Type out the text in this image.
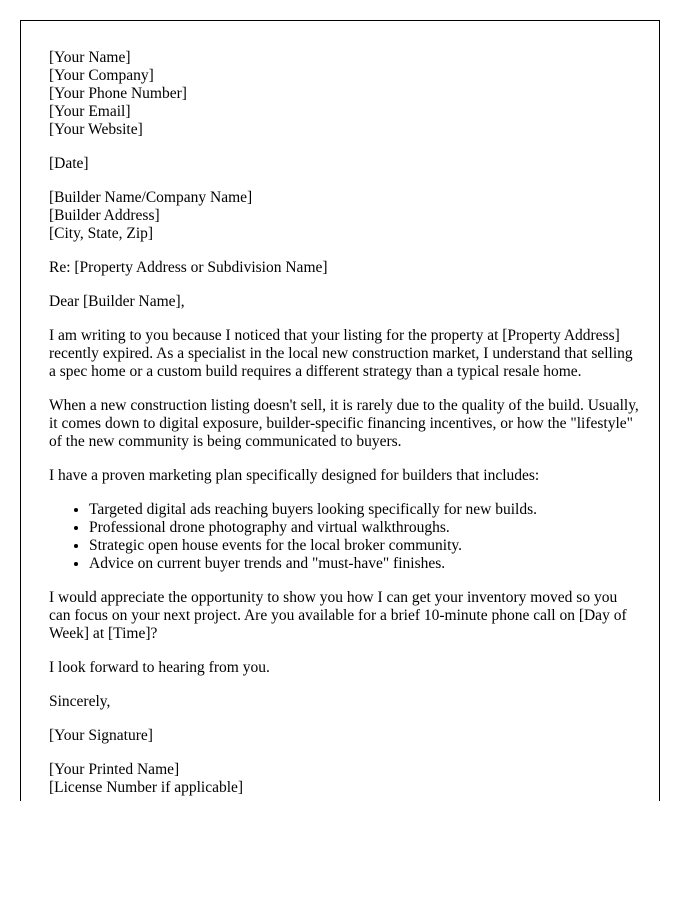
[Your Name]

[Your Company]

[Your Phone Number]

[Your Email]

[Your Website]

[Date]

[Builder Name/Company Name]

[Builder Address]

[City, State, Zip]

Re: [Property Address or Subdivision Name]

Dear [Builder Name],

I am writing to you because I noticed that your listing for the property at [Property Address] recently expired. As a specialist in the local new construction market, I understand that selling a spec home or a custom build requires a different strategy than a typical resale home.

When a new construction listing doesn't sell, it is rarely due to the quality of the build. Usually, it comes down to digital exposure, builder-specific financing incentives, or how the "lifestyle" of the new community is being communicated to buyers.

I have a proven marketing plan specifically designed for builders that includes:

• Targeted digital ads reaching buyers looking specifically for new builds.
• Professional drone photography and virtual walkthroughs.
• Strategic open house events for the local broker community.
• Advice on current buyer trends and "must-have" finishes.

I would appreciate the opportunity to show you how I can get your inventory moved so you can focus on your next project. Are you available for a brief 10-minute phone call on [Day of Week] at [Time]?

I look forward to hearing from you.

Sincerely,

[Your Signature]

[Your Printed Name]

[License Number if applicable]
